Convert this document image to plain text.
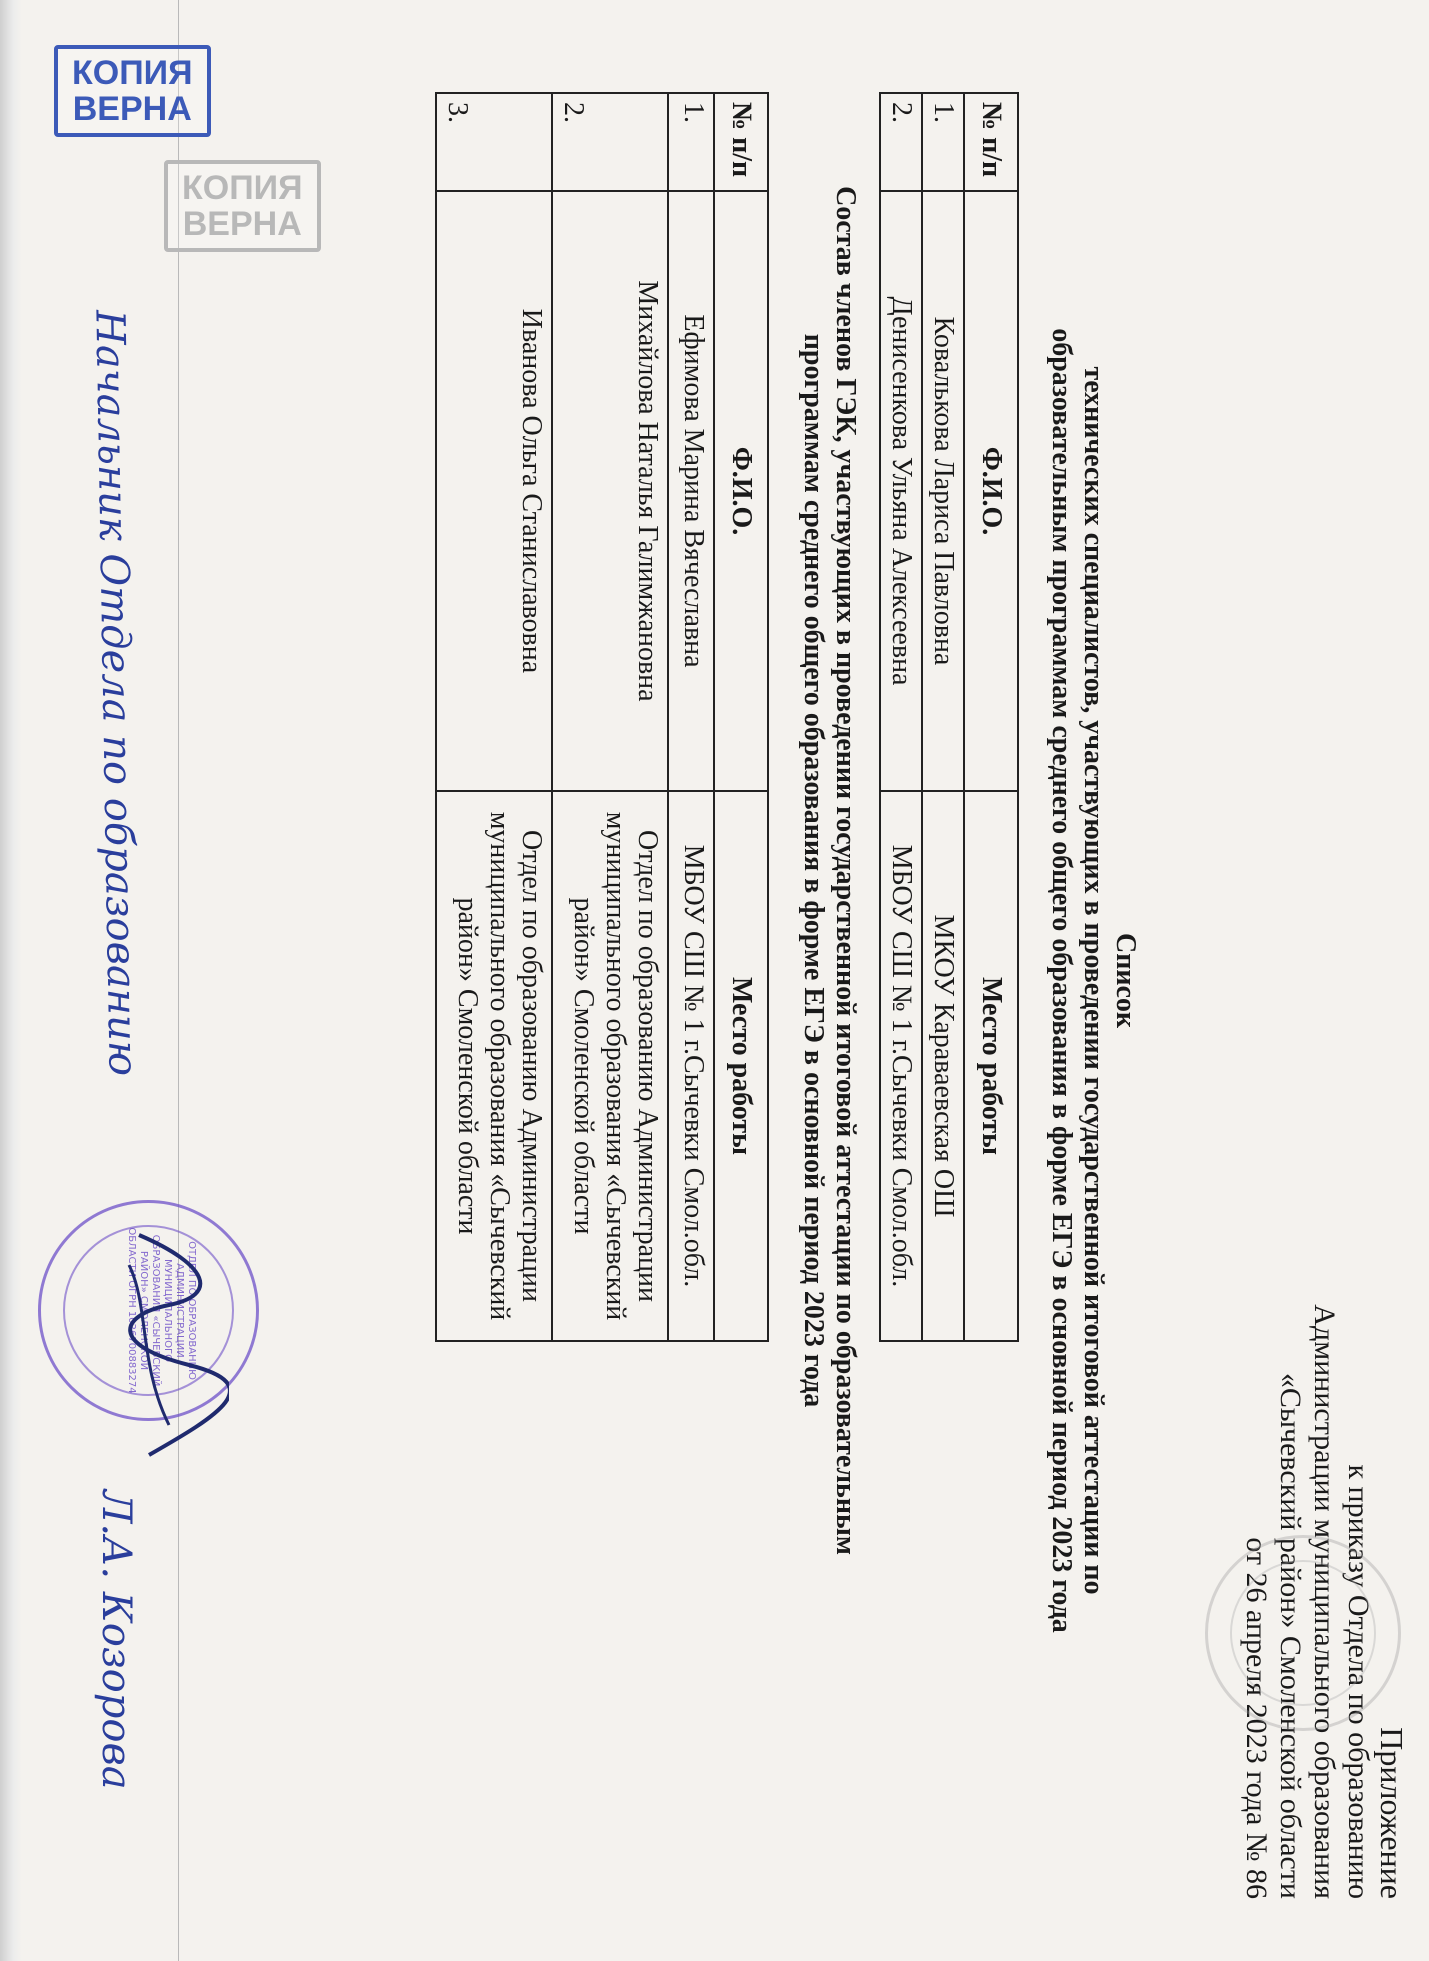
Приложение
к приказу Отдела по образованию
Администрации муниципального образования
«Сычевский район» Смоленской области
от 26 апреля 2023 года № 86
Список
технических специалистов, участвующих в проведении государственной итоговой аттестации по
образовательным программам среднего общего образования в форме ЕГЭ в основной период 2023 года
№ п/п	Ф.И.О.	Место работы
1.	Ковалькова Лариса Павловна	МКОУ Караваевская ОШ
2.	Денисенкова Ульяна Алексеевна	МБОУ СШ № 1 г.Сычевки Смол.обл.
Состав членов ГЭК, участвующих в проведении государственной итоговой аттестации по образовательным
программам среднего общего образования в форме ЕГЭ в основной период 2023 года
№ п/п	Ф.И.О.	Место работы
1.	Ефимова Марина Вячеславна	МБОУ СШ № 1 г.Сычевки Смол.обл.
2.	Михайлова Наталья Галимжановна	Отдел по образованию Администрации муниципального образования «Сычевский район» Смоленской области
3.	Иванова Ольга Станиславовна	Отдел по образованию Администрации муниципального образования «Сычевский район» Смоленской области
ОТДЕЛ ПО ОБРАЗОВАНИЮ АДМИНИСТРАЦИИ МУНИЦИПАЛЬНОГО ОБРАЗОВАНИЯ «СЫЧЕВСКИЙ РАЙОН» СМОЛЕНСКОЙ ОБЛАСТИ ОГРН 1026700883274
КОПИЯ
ВЕРНА
КОПИЯ
ВЕРНА
Начальник Отдела по образованию
Л.А. Козорова
